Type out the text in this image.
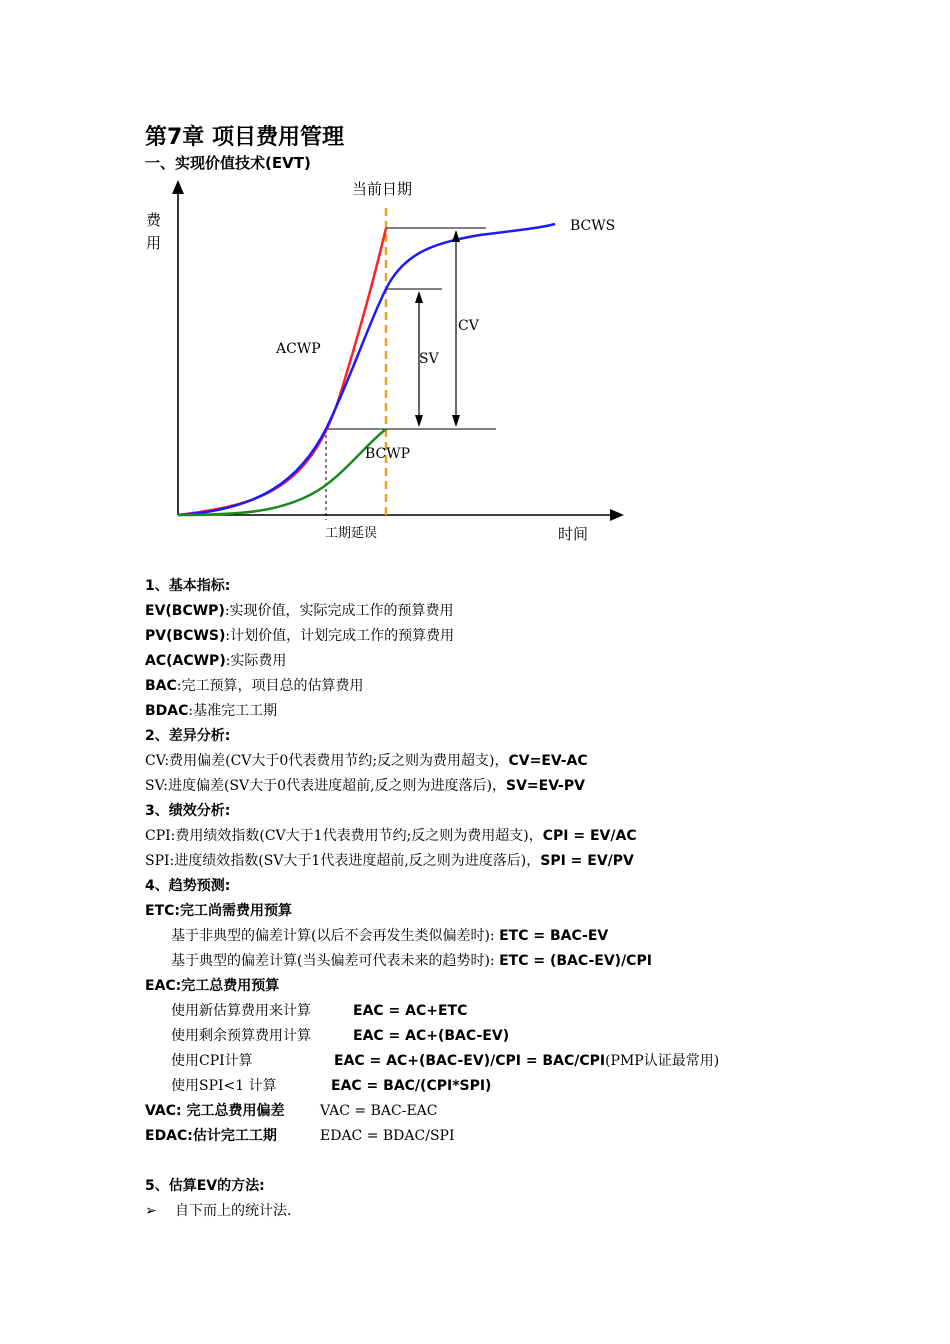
第7章 项目费用管理
一、实现价值技术(EVT)
当前日期
费
用
时间
工期延误
BCWS
ACWP
BCWP
CV
SV
1、基本指标:
EV(BCWP):实现价值，实际完成工作的预算费用
PV(BCWS):计划价值，计划完成工作的预算费用
AC(ACWP):实际费用
BAC:完工预算，项目总的估算费用
BDAC:基准完工工期
2、差异分析:
CV:费用偏差(CV大于0代表费用节约;反之则为费用超支)，CV=EV-AC
SV:进度偏差(SV大于0代表进度超前,反之则为进度落后)，SV=EV-PV
3、绩效分析:
CPI:费用绩效指数(CV大于1代表费用节约;反之则为费用超支)，CPI = EV/AC
SPI:进度绩效指数(SV大于1代表进度超前,反之则为进度落后)，SPI = EV/PV
4、趋势预测:
ETC:完工尚需费用预算
基于非典型的偏差计算(以后不会再发生类似偏差时): ETC = BAC-EV
基于典型的偏差计算(当头偏差可代表未来的趋势时): ETC = (BAC-EV)/CPI
EAC:完工总费用预算
使用新估算费用来计算	EAC = AC+ETC
使用剩余预算费用计算	EAC = AC+(BAC-EV)
使用CPI计算	EAC = AC+(BAC-EV)/CPI = BAC/CPI(PMP认证最常用)
使用SPI<1 计算	EAC = BAC/(CPI*SPI)
VAC: 完工总费用偏差	VAC = BAC-EAC
EDAC:估计完工工期	EDAC = BDAC/SPI
5、估算EV的方法:
➢ 自下而上的统计法.
